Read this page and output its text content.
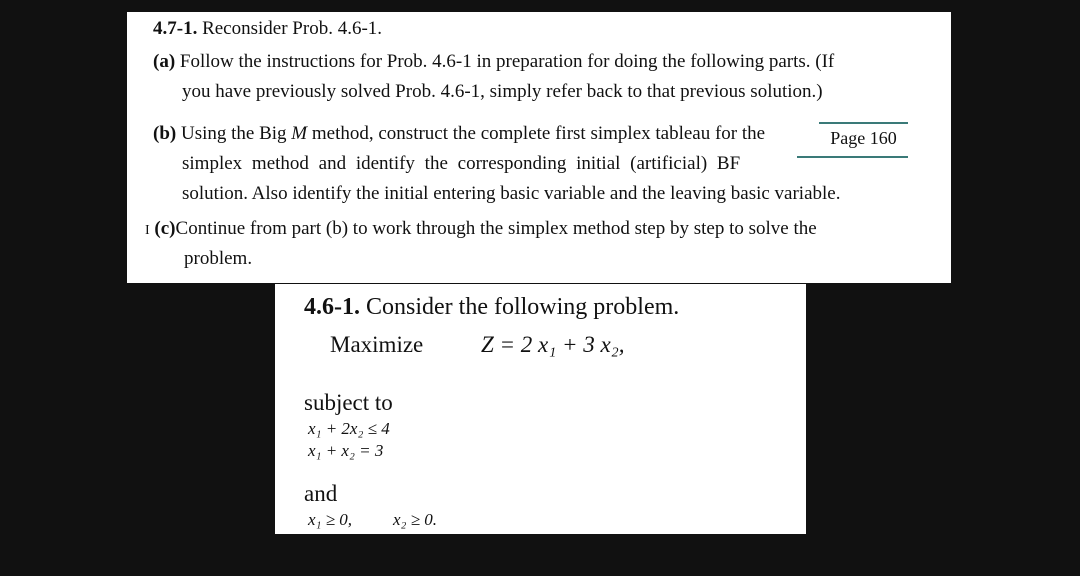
4.7-1. Reconsider Prob. 4.6-1.
(a) Follow the instructions for Prob. 4.6-1 in preparation for doing the following parts. (If
you have previously solved Prob. 4.6-1, simply refer back to that previous solution.)
(b) Using the Big M method, construct the complete first simplex tableau for the	Page 160
simplex method and identify the corresponding initial (artificial) BF
solution. Also identify the initial entering basic variable and the leaving basic variable.
I (c)Continue from part (b) to work through the simplex method step by step to solve the
problem.
4.6-1. Consider the following problem.
Maximize	Z = 2 x₁ + 3 x₂,
subject to
x₁ + 2x₂ ≤ 4
x₁ + x₂ = 3
and
x₁ ≥ 0, x₂ ≥ 0.
